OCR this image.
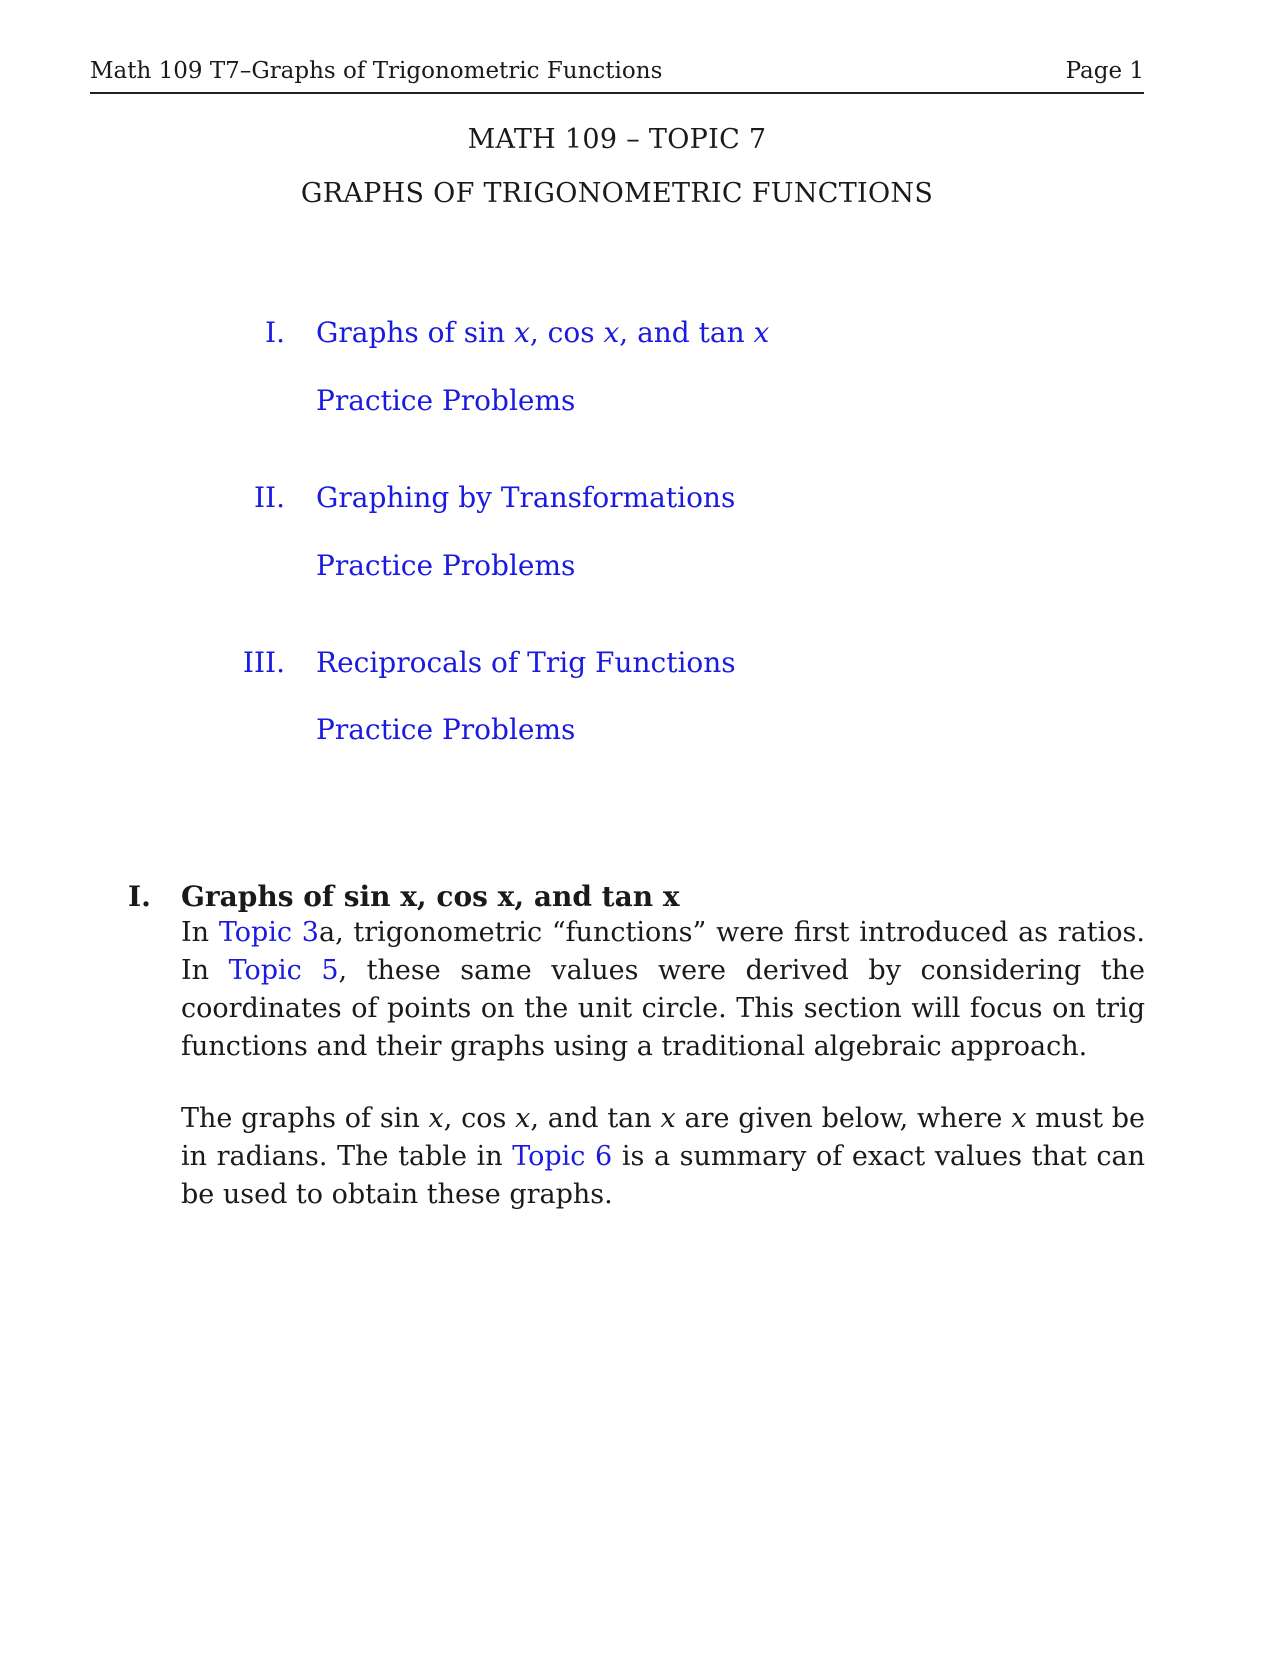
Math 109 T7–Graphs of Trigonometric Functions	Page 1
MATH 109 – TOPIC 7
GRAPHS OF TRIGONOMETRIC FUNCTIONS
I. Graphs of sin x, cos x, and tan x
Practice Problems
II. Graphing by Transformations
Practice Problems
III. Reciprocals of Trig Functions
Practice Problems
I. Graphs of sin x, cos x, and tan x
In Topic 3a, trigonometric “functions” were first introduced as ratios. In Topic 5, these same values were derived by considering the coordinates of points on the unit circle. This section will focus on trig functions and their graphs using a traditional algebraic approach.
The graphs of sin x, cos x, and tan x are given below, where x must be in radians. The table in Topic 6 is a summary of exact values that can be used to obtain these graphs.
